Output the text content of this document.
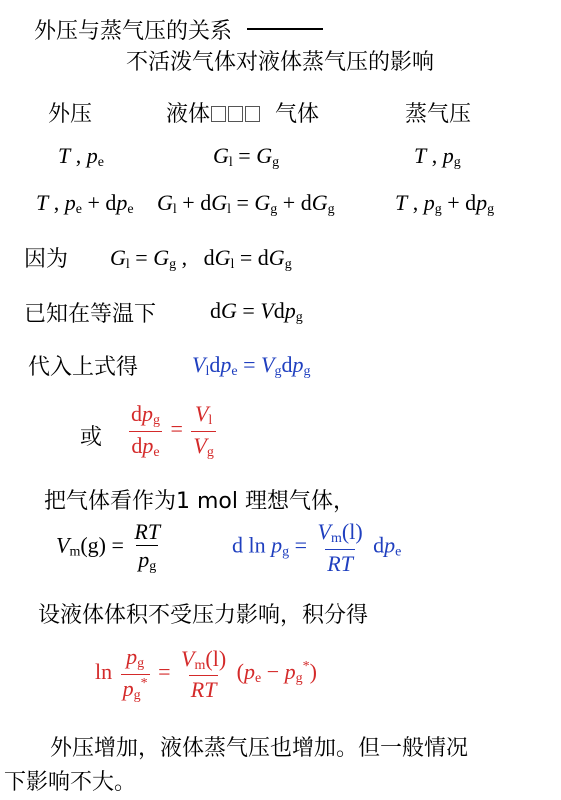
外压与蒸气压的关系
不活泼气体对液体蒸气压的影响
外压	液体	气体	蒸气压
T , $p_e$	$G_l = G_g$	T , $p_g$
T , $p_e + dp_e$ $G_l + dG_l = G_g + dG_g$	T , $p_g + dp_g$
因为 $G_l = G_g$ ,   $dG_l = dG_g$
已知在等温下 dG = Vdp$_g$
代入上式得 $V_ldp_e = V_gdp_g$
或 $\frac{dp_g}{dp_e} = \frac{V_l}{V_g}$
把气体看作为1 mol 理想气体，
$V_m(g) = \frac{RT}{p_g}$	d $\ln p_g = \frac{V_m(l)}{RT} dp_e$
设液体体积不受压力影响，积分得
$\ln \frac{p_g}{p_g^*} = \frac{V_m(l)}{RT} (p_e - p_g^*)$
外压增加，液体蒸气压也增加。但一般情况
下影响不大。
